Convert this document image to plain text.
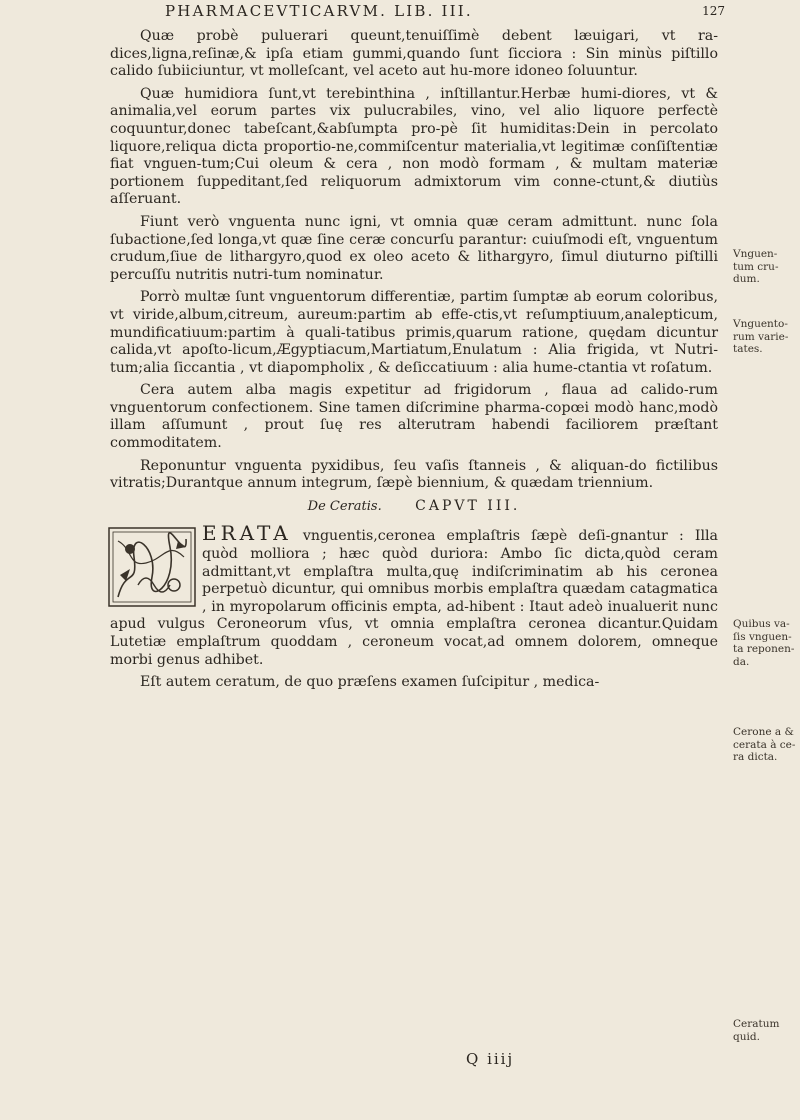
PHARMACEVTICARVM. LIB. III.	127

Quæ probè puluerari queunt,tenuiſſimè debent læuigari, vt ra-dices,ligna,reſinæ,& ipſa etiam gummi,quando ſunt ſicciora : Sin minùs piſtillo calido ſubiiciuntur, vt molleſcant, vel aceto aut hu-more idoneo ſoluuntur.

Quæ humidiora ſunt,vt terebinthina , inſtillantur.Herbæ humi-diores, vt & animalia,vel eorum partes vix pulucrabiles, vino, vel alio liquore perfectè coquuntur,donec tabeſcant,&abſumpta pro-pè ſit humiditas:Dein in percolato liquore,reliqua dicta proportio-ne,commiſcentur materialia,vt legitimæ conſiſtentiæ fiat vnguen-tum;Cui oleum & cera , non modò formam , & multam materiæ portionem ſuppeditant,ſed reliquorum admixtorum vim conne-ctunt,& diutiùs aſſeruant.

Fiunt verò vnguenta nunc igni, vt omnia quæ ceram admittunt. nunc ſola ſubactione,ſed longa,vt quæ ſine ceræ concurſu parantur: cuiuſmodi eſt, vnguentum crudum,ſiue de lithargyro,quod ex oleo aceto & lithargyro, ſimul diuturno piſtilli percuſſu nutritis nutri-tum nominatur.

Porrò multæ ſunt vnguentorum differentiæ, partim ſumptæ ab eorum coloribus, vt viride,album,citreum, aureum:partim ab effe-ctis,vt reſumptiuum,analepticum, mundificatiuum:partim à quali-tatibus primis,quarum ratione, quędam dicuntur calida,vt apoſto-licum,Ægyptiacum,Martiatum,Enulatum : Alia frigida, vt Nutri-tum;alia ſiccantia , vt diapompholix , & deſiccatiuum : alia hume-ctantia vt roſatum.

Cera autem alba magis expetitur ad frigidorum , flaua ad calido-rum vnguentorum confectionem. Sine tamen diſcrimine pharma-copœi modò hanc,modò illam aſſumunt , prout ſuę res alterutram habendi faciliorem præſtant commoditatem.

Reponuntur vnguenta pyxidibus, ſeu vaſis ſtanneis , & aliquan-do fictilibus vitratis;Durantque annum integrum, ſæpè biennium, & quædam triennium.

De Ceratis. CAPVT III.

ERATA vnguentis,ceronea emplaſtris ſæpè deſi-gnantur : Illa quòd molliora ; hæc quòd duriora: Ambo ſic dicta,quòd ceram admittant,vt emplaſtra multa,quę indiſcriminatim ab his ceronea perpetuò dicuntur, qui omnibus morbis emplaſtra quædam catagmatica , in myropolarum officinis empta, ad-hibent : Itaut adeò inualuerit nunc apud vulgus Ceroneorum vſus, vt omnia emplaſtra ceronea dicantur.Quidam Lutetiæ emplaſtrum quoddam , ceroneum vocat,ad omnem dolorem, omneque morbi genus adhibet.

Eſt autem ceratum, de quo præſens examen ſuſcipitur , medica-

Vnguen-tum cru-dum.
Vnguento-rum varie-tates.
Quibus va-ſis vnguen-ta reponen-da.
Cerone a & cerata à ce-ra dicta.
Ceratum quid.
Q iiij
